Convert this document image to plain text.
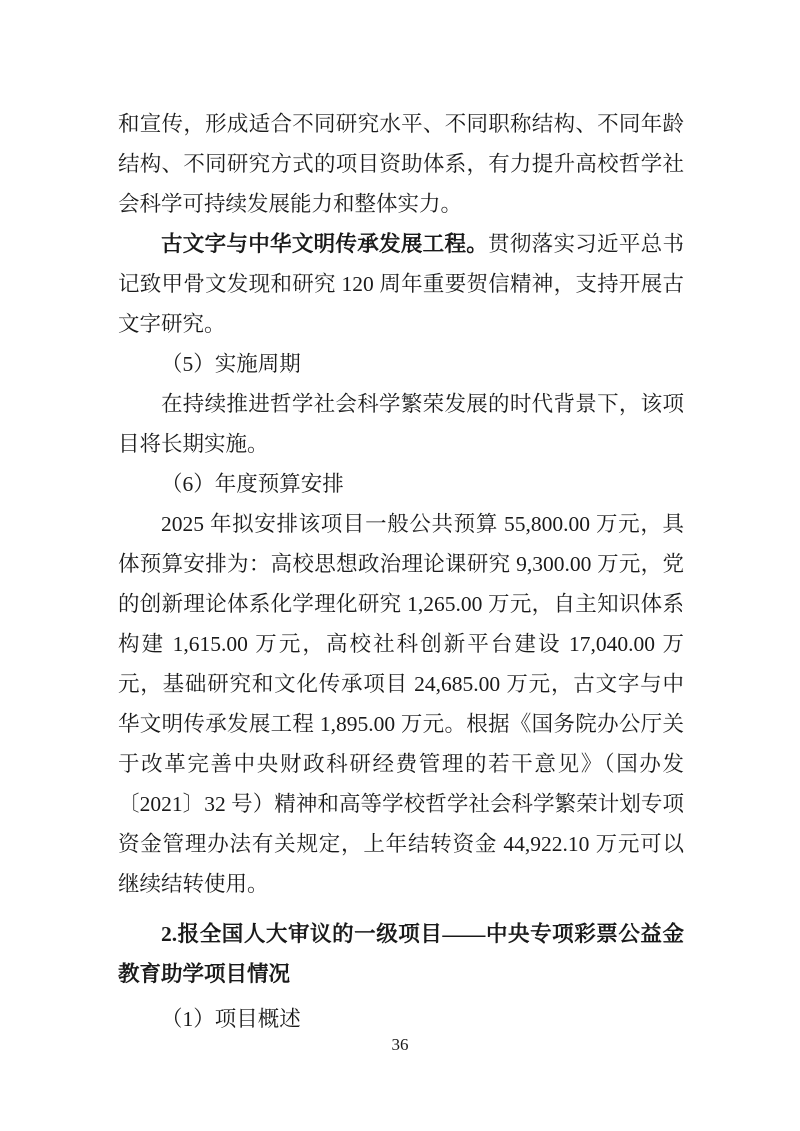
和宣传，形成适合不同研究水平、不同职称结构、不同年龄结构、不同研究方式的项目资助体系，有力提升高校哲学社会科学可持续发展能力和整体实力。

古文字与中华文明传承发展工程。贯彻落实习近平总书记致甲骨文发现和研究 120 周年重要贺信精神，支持开展古文字研究。

（5）实施周期

在持续推进哲学社会科学繁荣发展的时代背景下，该项目将长期实施。

（6）年度预算安排

2025 年拟安排该项目一般公共预算 55,800.00 万元，具体预算安排为：高校思想政治理论课研究 9,300.00 万元，党的创新理论体系化学理化研究 1,265.00 万元，自主知识体系构建 1,615.00 万元，高校社科创新平台建设 17,040.00 万元，基础研究和文化传承项目 24,685.00 万元，古文字与中华文明传承发展工程 1,895.00 万元。根据《国务院办公厅关于改革完善中央财政科研经费管理的若干意见》（国办发〔2021〕32 号）精神和高等学校哲学社会科学繁荣计划专项资金管理办法有关规定，上年结转资金 44,922.10 万元可以继续结转使用。

2.报全国人大审议的一级项目——中央专项彩票公益金教育助学项目情况

（1）项目概述

36
